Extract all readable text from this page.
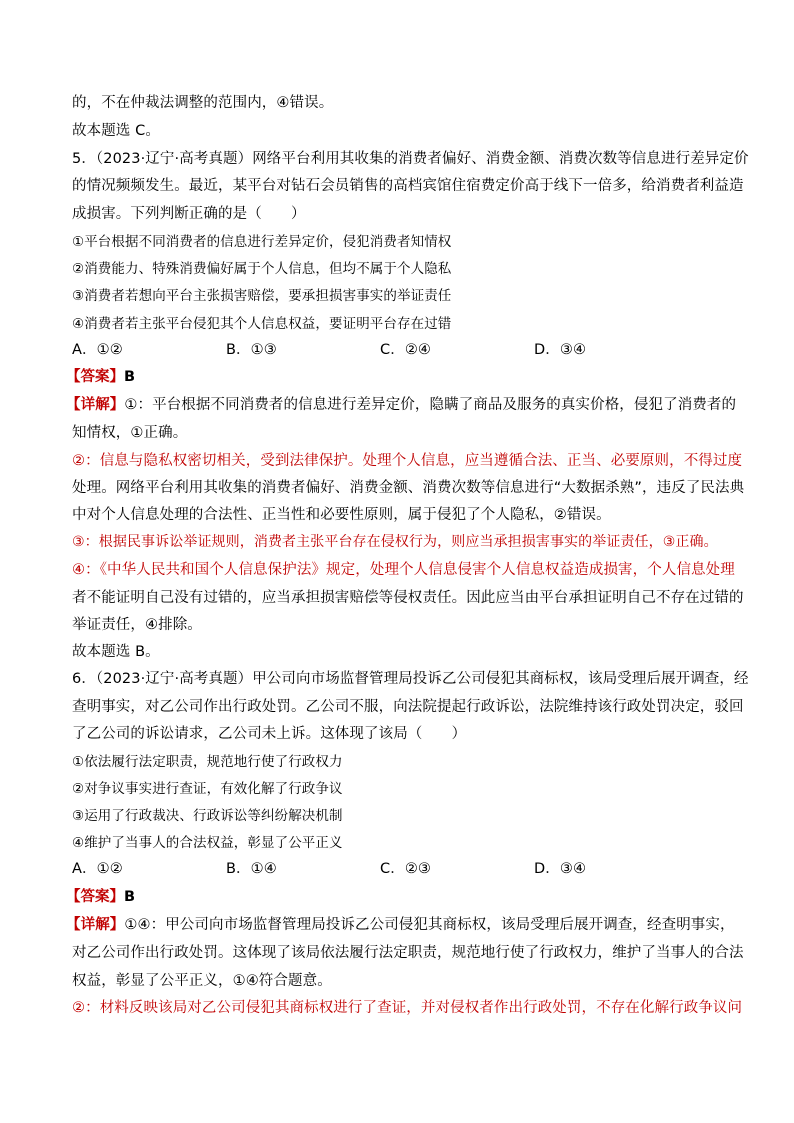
的，不在仲裁法调整的范围内，④错误。
故本题选 C。
5．（2023·辽宁·高考真题）网络平台利用其收集的消费者偏好、消费金额、消费次数等信息进行差异定价
的情况频频发生。最近，某平台对钻石会员销售的高档宾馆住宿费定价高于线下一倍多，给消费者利益造
成损害。下列判断正确的是（　　）
①平台根据不同消费者的信息进行差异定价，侵犯消费者知情权
②消费能力、特殊消费偏好属于个人信息，但均不属于个人隐私
③消费者若想向平台主张损害赔偿，要承担损害事实的举证责任
④消费者若主张平台侵犯其个人信息权益，要证明平台存在过错
A．①②	B．①③	C．②④	D．③④
【答案】B
【详解】①：平台根据不同消费者的信息进行差异定价，隐瞒了商品及服务的真实价格，侵犯了消费者的
知情权，①正确。
②：信息与隐私权密切相关，受到法律保护。处理个人信息，应当遵循合法、正当、必要原则，不得过度
处理。网络平台利用其收集的消费者偏好、消费金额、消费次数等信息进行“大数据杀熟”，违反了民法典
中对个人信息处理的合法性、正当性和必要性原则，属于侵犯了个人隐私，②错误。
③：根据民事诉讼举证规则，消费者主张平台存在侵权行为，则应当承担损害事实的举证责任，③正确。
④：《中华人民共和国个人信息保护法》规定，处理个人信息侵害个人信息权益造成损害，个人信息处理
者不能证明自己没有过错的，应当承担损害赔偿等侵权责任。因此应当由平台承担证明自己不存在过错的
举证责任，④排除。
故本题选 B。
6．（2023·辽宁·高考真题）甲公司向市场监督管理局投诉乙公司侵犯其商标权，该局受理后展开调查，经
查明事实，对乙公司作出行政处罚。乙公司不服，向法院提起行政诉讼，法院维持该行政处罚决定，驳回
了乙公司的诉讼请求，乙公司未上诉。这体现了该局（　　）
①依法履行法定职责，规范地行使了行政权力
②对争议事实进行查证，有效化解了行政争议
③运用了行政裁决、行政诉讼等纠纷解决机制
④维护了当事人的合法权益，彰显了公平正义
A．①②	B．①④	C．②③	D．③④
【答案】B
【详解】①④：甲公司向市场监督管理局投诉乙公司侵犯其商标权，该局受理后展开调查，经查明事实，
对乙公司作出行政处罚。这体现了该局依法履行法定职责，规范地行使了行政权力，维护了当事人的合法
权益，彰显了公平正义，①④符合题意。
②：材料反映该局对乙公司侵犯其商标权进行了查证，并对侵权者作出行政处罚，不存在化解行政争议问
